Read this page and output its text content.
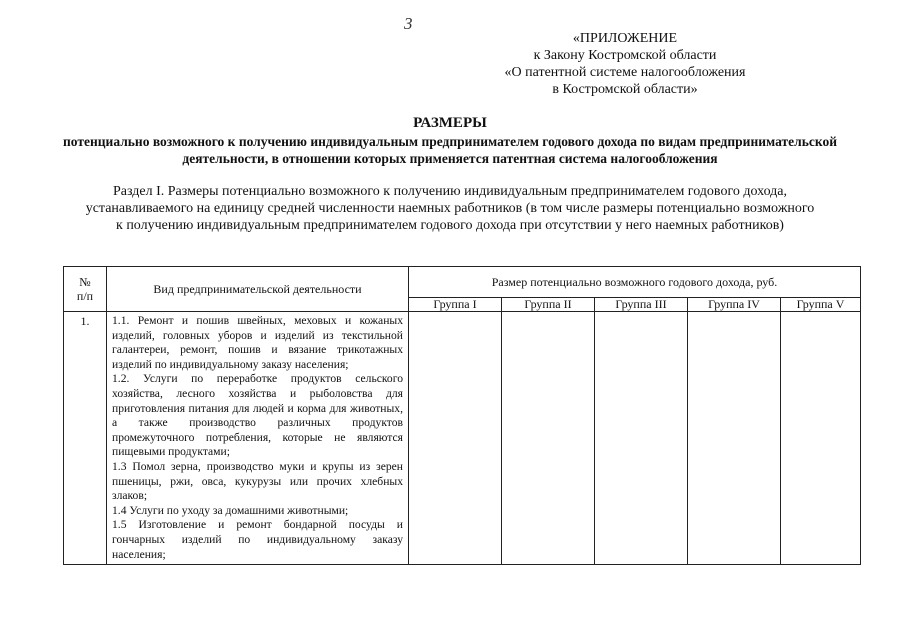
3
«ПРИЛОЖЕНИЕ
к Закону Костромской области
«О патентной системе налогообложения
в Костромской области»
РАЗМЕРЫ
потенциально возможного к получению индивидуальным предпринимателем годового дохода по видам предпринимательской деятельности, в отношении которых применяется патентная система налогообложения
Раздел I. Размеры потенциально возможного к получению индивидуальным предпринимателем годового дохода, устанавливаемого на единицу средней численности наемных работников (в том числе размеры потенциально возможного к получению индивидуальным предпринимателем годового дохода при отсутствии у него наемных работников)
№
п/п	Вид предпринимательской деятельности	Размер потенциально возможного годового дохода, руб.				
		Группа I	Группа II	Группа III	Группа IV	Группа V
1.	1.1. Ремонт и пошив швейных, меховых и кожаных изделий, головных уборов и изделий из текстильной галантереи, ремонт, пошив и вязание трикотажных изделий по индивидуальному заказу населения;

1.2. Услуги по переработке продуктов сельского хозяйства, лесного хозяйства и рыболовства для приготовления питания для людей и корма для животных, а также производство различных продуктов промежуточного потребления, которые не являются пищевыми продуктами;

1.3 Помол зерна, производство муки и крупы из зерен пшеницы, ржи, овса, кукурузы или прочих хлебных злаков;

1.4 Услуги по уходу за домашними животными;

1.5 Изготовление и ремонт бондарной посуды и гончарных изделий по индивидуальному заказу населения;					
